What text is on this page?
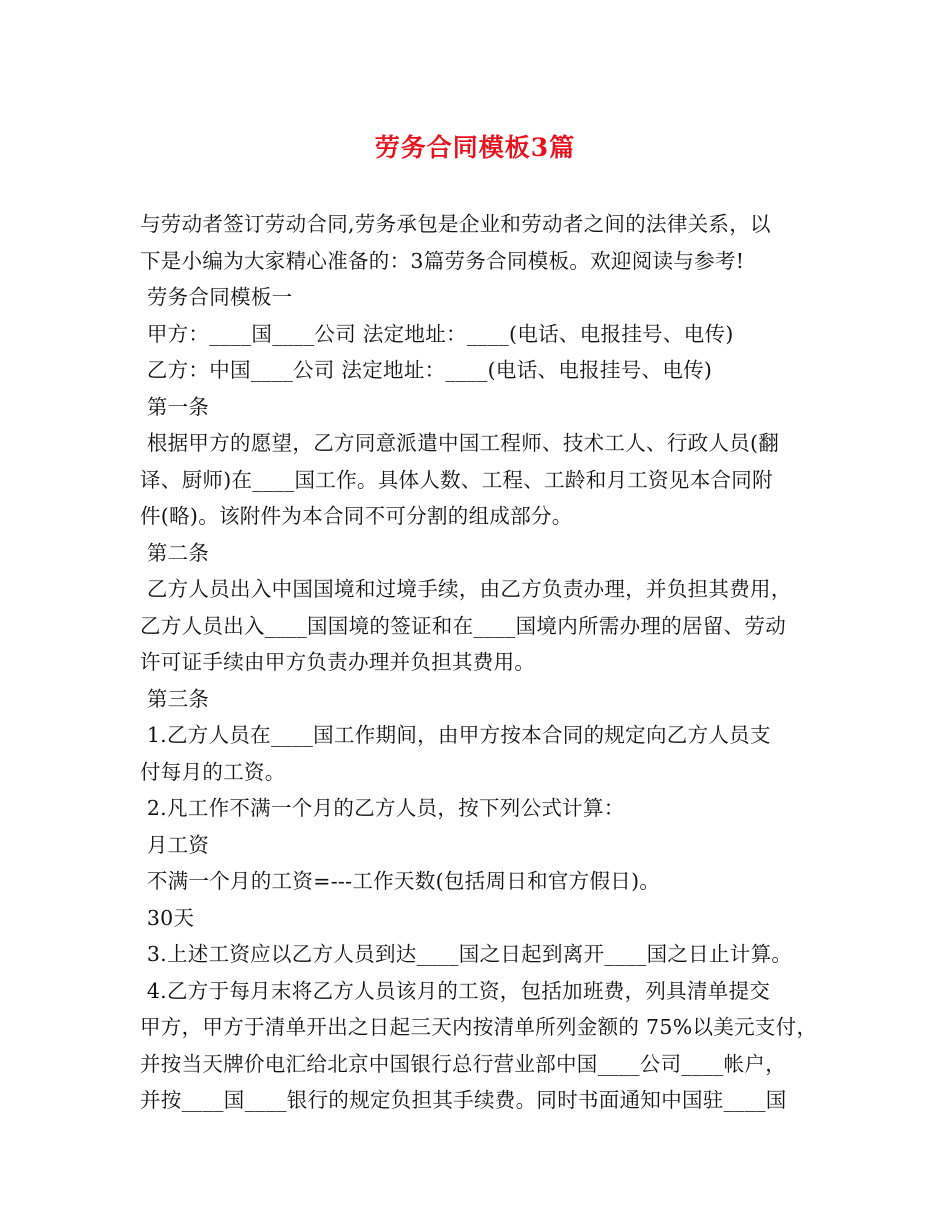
劳务合同模板3篇
与劳动者签订劳动合同,劳务承包是企业和劳动者之间的法律关系，以
下是小编为大家精心准备的：3篇劳务合同模板。欢迎阅读与参考!
劳务合同模板一
甲方：____国____公司 法定地址：____(电话、电报挂号、电传)
乙方：中国____公司 法定地址：____(电话、电报挂号、电传)
第一条
根据甲方的愿望，乙方同意派遣中国工程师、技术工人、行政人员(翻
译、厨师)在____国工作。具体人数、工程、工龄和月工资见本合同附
件(略)。该附件为本合同不可分割的组成部分。
第二条
乙方人员出入中国国境和过境手续，由乙方负责办理，并负担其费用，
乙方人员出入____国国境的签证和在____国境内所需办理的居留、劳动
许可证手续由甲方负责办理并负担其费用。
第三条
1.乙方人员在____国工作期间，由甲方按本合同的规定向乙方人员支
付每月的工资。
2.凡工作不满一个月的乙方人员，按下列公式计算：
月工资
不满一个月的工资=---工作天数(包括周日和官方假日)。
30天
3.上述工资应以乙方人员到达____国之日起到离开____国之日止计算。
4.乙方于每月末将乙方人员该月的工资，包括加班费，列具清单提交
甲方，甲方于清单开出之日起三天内按清单所列金额的 75%以美元支付，
并按当天牌价电汇给北京中国银行总行营业部中国____公司____帐户，
并按____国____银行的规定负担其手续费。同时书面通知中国驻____国
